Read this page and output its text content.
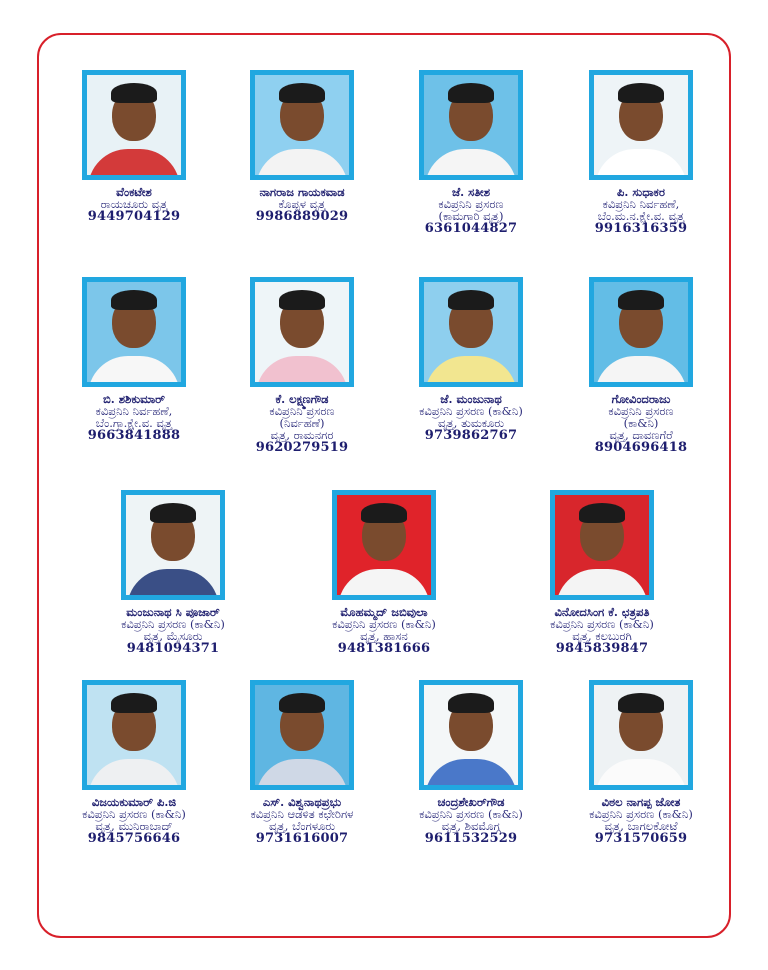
ವೆಂಕಟೇಶ
ರಾಯಚೂರು ವೃತ್ತ
9449704129
ನಾಗರಾಜ ಗಾಯಕವಾಡ
ಕೊಪ್ಪಳ ವೃತ್ತ
9986889029
ಜೆ. ಸತೀಶ
ಕವಿಪ್ರನಿನಿ ಪ್ರಸರಣ
(ಕಾಮಗಾರಿ ವೃತ್ತ)
6361044827
ಪಿ. ಸುಧಾಕರ
ಕವಿಪ್ರನಿನಿ ನಿರ್ವಹಣೆ,
ಬೆಂ.ಮ.ನ.ಕ್ಷೇ.ವ. ವೃತ್ತ
9916316359
ಬಿ. ಶಶಿಕುಮಾರ್
ಕವಿಪ್ರನಿನಿ ನಿರ್ವಹಣೆ,
ಬೆಂ.ಗ್ರಾ.ಕ್ಷೇ.ವ. ವೃತ್ತ
9663841888
ಕೆ. ಲಕ್ಷ್ಮಣಗೌಡ
ಕವಿಪ್ರನಿನಿ ಪ್ರಸರಣ
(ನಿರ್ವಹಣೆ)
ವೃತ್ತ, ರಾಮನಗರ
9620279519
ಜೆ. ಮಂಜುನಾಥ
ಕವಿಪ್ರನಿನಿ ಪ್ರಸರಣ (ಕಾ&ನಿ)
ವೃತ್ತ, ತುಮಕೂರು
9739862767
ಗೋವಿಂದರಾಜು
ಕವಿಪ್ರನಿನಿ ಪ್ರಸರಣ
(ಕಾ&ನಿ)
ವೃತ್ತ, ದಾವಣಗೆರೆ
8904696418
ಮಂಜುನಾಥ ಸಿ ಪೂಜಾರ್
ಕವಿಪ್ರನಿನಿ ಪ್ರಸರಣ (ಕಾ&ನಿ)
ವೃತ್ತ, ಮೈಸೂರು
9481094371
ಮೊಹಮ್ಮದ್ ಜಬಿವುಲಾ
ಕವಿಪ್ರನಿನಿ ಪ್ರಸರಣ (ಕಾ&ನಿ)
ವೃತ್ತ, ಹಾಸನ
9481381666
ವಿನೋದಸಿಂಗ ಕೆ. ಛತ್ರಪತಿ
ಕವಿಪ್ರನಿನಿ ಪ್ರಸರಣ (ಕಾ&ನಿ)
ವೃತ್ತ, ಕಲಬುರಗಿ
9845839847
ವಿಜಯಕುಮಾರ್ ಪಿ.ಜಿ
ಕವಿಪ್ರನಿನಿ ಪ್ರಸರಣ (ಕಾ&ನಿ)
ವೃತ್ತ, ಮುನಿರಾಬಾದ್
9845756646
ಎಸ್. ವಿಶ್ವನಾಥಪ್ರಭು
ಕವಿಪ್ರನಿನಿ ಆಡಳಿತ ಕಛೇರಿಗಳ
ವೃತ್ತ, ಬೆಂಗಳೂರು
9731616007
ಚಂದ್ರಶೇಖರ್‌ಗೌಡ
ಕವಿಪ್ರನಿನಿ ಪ್ರಸರಣ (ಕಾ&ನಿ)
ವೃತ್ತ, ಶಿವಮೊಗ್ಗ
9611532529
ವಿಠಲ ನಾಗಪ್ಪ ಜೋತ
ಕವಿಪ್ರನಿನಿ ಪ್ರಸರಣ (ಕಾ&ನಿ)
ವೃತ್ತ, ಬಾಗಲಕೋಟೆ
9731570659
